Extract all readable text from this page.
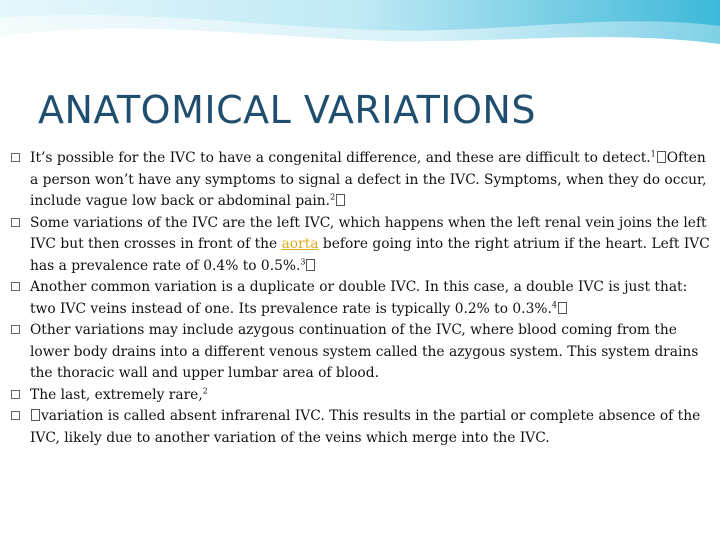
ANATOMICAL VARIATIONS
It’s possible for the IVC to have a congenital difference, and these are difficult to detect.$^1$ Often a person won’t have any symptoms to signal a defect in the IVC. Symptoms, when they do occur, include vague low back or abdominal pain.$^2$
Some variations of the IVC are the left IVC, which happens when the left renal vein joins the left IVC but then crosses in front of the aorta before going into the right atrium if the heart. Left IVC has a prevalence rate of 0.4% to 0.5%.$^3$
Another common variation is a duplicate or double IVC. In this case, a double IVC is just that: two IVC veins instead of one. Its prevalence rate is typically 0.2% to 0.3%.$^4$
Other variations may include azygous continuation of the IVC, where blood coming from the lower body drains into a different venous system called the azygous system. This system drains the thoracic wall and upper lumbar area of blood.
The last, extremely rare,$^2$
variation is called absent infrarenal IVC. This results in the partial or complete absence of the IVC, likely due to another variation of the veins which merge into the IVC.
